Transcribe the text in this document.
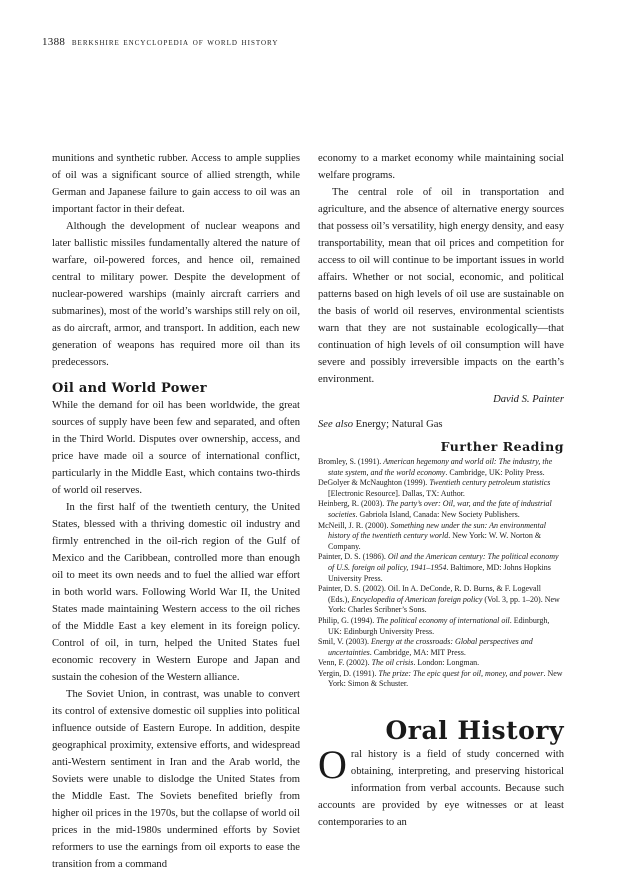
1388 berkshire encyclopedia of world history

munitions and synthetic rubber. Access to ample supplies of oil was a significant source of allied strength, while German and Japanese failure to gain access to oil was an important factor in their defeat.

Although the development of nuclear weapons and later ballistic missiles fundamentally altered the nature of warfare, oil-powered forces, and hence oil, remained central to military power. Despite the development of nuclear-powered warships (mainly aircraft carriers and submarines), most of the world’s warships still rely on oil, as do aircraft, armor, and transport. In addition, each new generation of weapons has required more oil than its predecessors.

Oil and World Power

While the demand for oil has been worldwide, the great sources of supply have been few and separated, and often in the Third World. Disputes over ownership, access, and price have made oil a source of international conflict, particularly in the Middle East, which contains two-thirds of world oil reserves.

In the first half of the twentieth century, the United States, blessed with a thriving domestic oil industry and firmly entrenched in the oil-rich region of the Gulf of Mexico and the Caribbean, controlled more than enough oil to meet its own needs and to fuel the allied war effort in both world wars. Following World War II, the United States made maintaining Western access to the oil riches of the Middle East a key element in its foreign policy. Control of oil, in turn, helped the United States fuel economic recovery in Western Europe and Japan and sustain the cohesion of the Western alliance.

The Soviet Union, in contrast, was unable to convert its control of extensive domestic oil supplies into political influence outside of Eastern Europe. In addition, despite geographical proximity, extensive efforts, and widespread anti-Western sentiment in Iran and the Arab world, the Soviets were unable to dislodge the United States from the Middle East. The Soviets benefited briefly from higher oil prices in the 1970s, but the collapse of world oil prices in the mid-1980s undermined efforts by Soviet reformers to use the earnings from oil exports to ease the transition from a command

economy to a market economy while maintaining social welfare programs.

The central role of oil in transportation and agriculture, and the absence of alternative energy sources that possess oil’s versatility, high energy density, and easy transportability, mean that oil prices and competition for access to oil will continue to be important issues in world affairs. Whether or not social, economic, and political patterns based on high levels of oil use are sustainable on the basis of world oil reserves, environmental scientists warn that they are not sustainable ecologically—that continuation of high levels of oil consumption will have severe and possibly irreversible impacts on the earth’s environment.

David S. Painter
See also Energy; Natural Gas
Further Reading

Bromley, S. (1991). American hegemony and world oil: The industry, the state system, and the world economy. Cambridge, UK: Polity Press.

DeGolyer & McNaughton (1999). Twentieth century petroleum statistics [Electronic Resource]. Dallas, TX: Author.

Heinberg, R. (2003). The party’s over: Oil, war, and the fate of industrial societies. Gabriola Island, Canada: New Society Publishers.

McNeill, J. R. (2000). Something new under the sun: An environmental history of the twentieth century world. New York: W. W. Norton & Company.

Painter, D. S. (1986). Oil and the American century: The political economy of U.S. foreign oil policy, 1941–1954. Baltimore, MD: Johns Hopkins University Press.

Painter, D. S. (2002). Oil. In A. DeConde, R. D. Burns, & F. Logevall (Eds.), Encyclopedia of American foreign policy (Vol. 3, pp. 1–20). New York: Charles Scribner’s Sons.

Philip, G. (1994). The political economy of international oil. Edinburgh, UK: Edinburgh University Press.

Smil, V. (2003). Energy at the crossroads: Global perspectives and uncertainties. Cambridge, MA: MIT Press.

Venn, F. (2002). The oil crisis. London: Longman.

Yergin, D. (1991). The prize: The epic quest for oil, money, and power. New York: Simon & Schuster.

Oral History

Oral history is a field of study concerned with obtaining, interpreting, and preserving historical information from verbal accounts. Because such accounts are provided by eye witnesses or at least contemporaries to an
